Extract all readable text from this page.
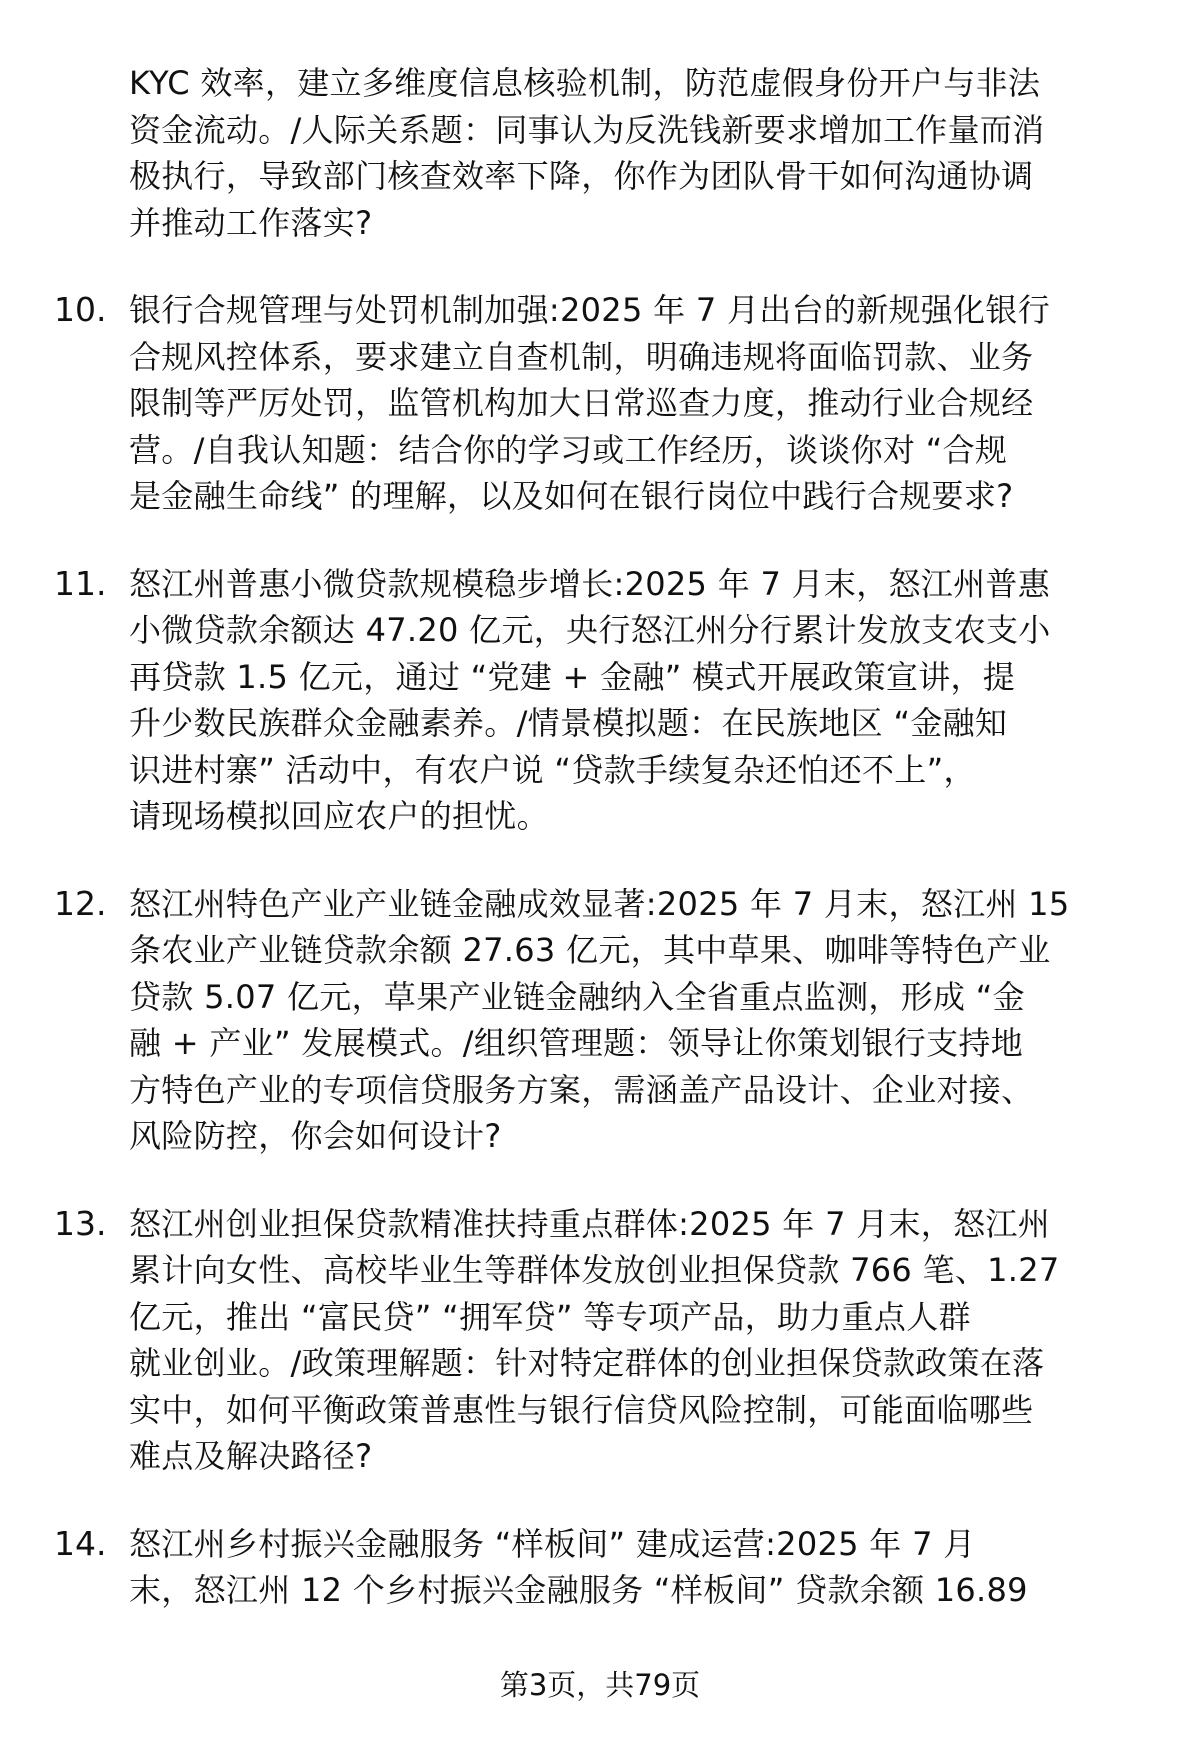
KYC 效率，建立多维度信息核验机制，防范虚假身份开户与非法
资金流动。/人际关系题：同事认为反洗钱新要求增加工作量而消
极执行，导致部门核查效率下降，你作为团队骨干如何沟通协调
并推动工作落实?
10. 银行合规管理与处罚机制加强:2025 年 7 月出台的新规强化银行
合规风控体系，要求建立自查机制，明确违规将面临罚款、业务
限制等严厉处罚，监管机构加大日常巡查力度，推动行业合规经
营。/自我认知题：结合你的学习或工作经历，谈谈你对 “合规
是金融生命线” 的理解，以及如何在银行岗位中践行合规要求?
11. 怒江州普惠小微贷款规模稳步增长:2025 年 7 月末，怒江州普惠
小微贷款余额达 47.20 亿元，央行怒江州分行累计发放支农支小
再贷款 1.5 亿元，通过 “党建 + 金融” 模式开展政策宣讲，提
升少数民族群众金融素养。/情景模拟题：在民族地区 “金融知
识进村寨” 活动中，有农户说 “贷款手续复杂还怕还不上”，
请现场模拟回应农户的担忧。
12. 怒江州特色产业产业链金融成效显著:2025 年 7 月末，怒江州 15
条农业产业链贷款余额 27.63 亿元，其中草果、咖啡等特色产业
贷款 5.07 亿元，草果产业链金融纳入全省重点监测，形成 “金
融 + 产业” 发展模式。/组织管理题：领导让你策划银行支持地
方特色产业的专项信贷服务方案，需涵盖产品设计、企业对接、
风险防控，你会如何设计?
13. 怒江州创业担保贷款精准扶持重点群体:2025 年 7 月末，怒江州
累计向女性、高校毕业生等群体发放创业担保贷款 766 笔、1.27
亿元，推出 “富民贷” “拥军贷” 等专项产品，助力重点人群
就业创业。/政策理解题：针对特定群体的创业担保贷款政策在落
实中，如何平衡政策普惠性与银行信贷风险控制，可能面临哪些
难点及解决路径?
14. 怒江州乡村振兴金融服务 “样板间” 建成运营:2025 年 7 月
末，怒江州 12 个乡村振兴金融服务 “样板间” 贷款余额 16.89
第3页，共79页
